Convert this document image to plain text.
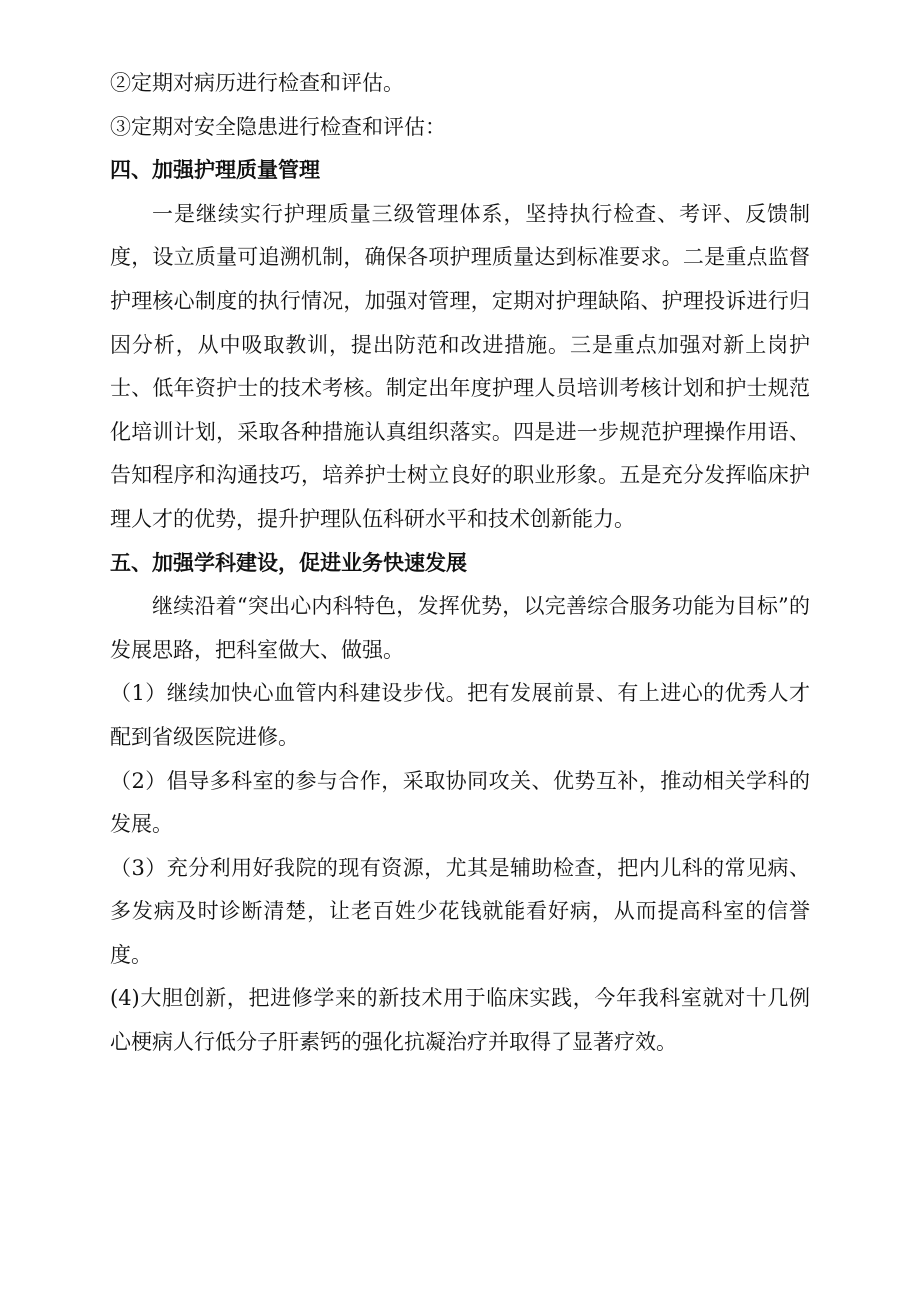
②定期对病历进行检查和评估。

③定期对安全隐患进行检查和评估：

四、加强护理质量管理

一是继续实行护理质量三级管理体系，坚持执行检查、考评、反馈制度，设立质量可追溯机制，确保各项护理质量达到标准要求。二是重点监督护理核心制度的执行情况，加强对管理，定期对护理缺陷、护理投诉进行归因分析，从中吸取教训，提出防范和改进措施。三是重点加强对新上岗护士、低年资护士的技术考核。制定出年度护理人员培训考核计划和护士规范化培训计划，采取各种措施认真组织落实。四是进一步规范护理操作用语、告知程序和沟通技巧，培养护士树立良好的职业形象。五是充分发挥临床护理人才的优势，提升护理队伍科研水平和技术创新能力。

五、加强学科建设，促进业务快速发展

继续沿着“突出心内科特色，发挥优势，以完善综合服务功能为目标”的发展思路，把科室做大、做强。

（1）继续加快心血管内科建设步伐。把有发展前景、有上进心的优秀人才配到省级医院进修。

（2）倡导多科室的参与合作，采取协同攻关、优势互补，推动相关学科的发展。

（3）充分利用好我院的现有资源，尤其是辅助检查，把内儿科的常见病、多发病及时诊断清楚，让老百姓少花钱就能看好病，从而提高科室的信誉度。

(4)大胆创新，把进修学来的新技术用于临床实践，今年我科室就对十几例心梗病人行低分子肝素钙的强化抗凝治疗并取得了显著疗效。
